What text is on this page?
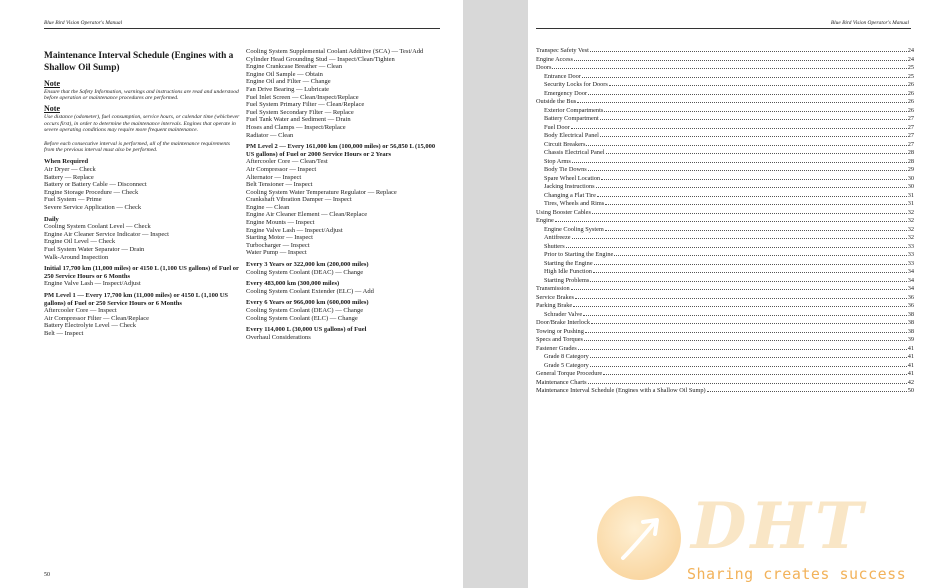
Blue Bird Vision Operator's Manual
Maintenance Interval Schedule (Engines with a Shallow Oil Sump)
Note
Ensure that the Safety Information, warnings and instructions are read and understood before operation or maintenance procedures are performed.
Note
Use distance (odometer), fuel consumption, service hours, or calendar time (whichever occurs first), in order to determine the maintenance intervals. Engines that operate in severe operating conditions may require more frequent maintenance.
Before each consecutive interval is performed, all of the maintenance requirements from the previous interval must also be performed.
When Required
Air Dryer — Check
Battery — Replace
Battery or Battery Cable — Disconnect
Engine Storage Procedure — Check
Fuel System — Prime
Severe Service Application — Check
Daily
Cooling System Coolant Level — Check
Engine Air Cleaner Service Indicator — Inspect
Engine Oil Level — Check
Fuel System Water Separator — Drain
Walk-Around Inspection
Initial 17,700 km (11,000 miles) or 4150 L (1,100 US gallons) of Fuel or 250 Service Hours or 6 Months
Engine Valve Lash — Inspect/Adjust
PM Level 1 — Every 17,700 km (11,000 miles) or 4150 L (1,100 US gallons) of Fuel or 250 Service Hours or 6 Months
Aftercooler Core — Inspect
Air Compressor Filter — Clean/Replace
Battery Electrolyte Level — Check
Belt — Inspect
Cooling System Supplemental Coolant Additive (SCA) — Test/Add
Cylinder Head Grounding Stud — Inspect/Clean/Tighten
Engine Crankcase Breather — Clean
Engine Oil Sample — Obtain
Engine Oil and Filter — Change
Fan Drive Bearing — Lubricate
Fuel Inlet Screen — Clean/Inspect/Replace
Fuel System Primary Filter — Clean/Replace
Fuel System Secondary Filter — Replace
Fuel Tank Water and Sediment — Drain
Hoses and Clamps — Inspect/Replace
Radiator — Clean
PM Level 2 — Every 161,000 km (100,000 miles) or 56,850 L (15,000 US gallons) of Fuel or 2000 Service Hours or 2 Years
Aftercooler Core — Clean/Test
Air Compressor — Inspect
Alternator — Inspect
Belt Tensioner — Inspect
Cooling System Water Temperature Regulator — Replace
Crankshaft Vibration Damper — Inspect
Engine — Clean
Engine Air Cleaner Element — Clean/Replace
Engine Mounts — Inspect
Engine Valve Lash — Inspect/Adjust
Starting Motor — Inspect
Turbocharger — Inspect
Water Pump — Inspect
Every 3 Years or 322,000 km (200,000 miles)
Cooling System Coolant (DEAC) — Change
Every 483,000 km (300,000 miles)
Cooling System Coolant Extender (ELC) — Add
Every 6 Years or 966,000 km (600,000 miles)
Cooling System Coolant (DEAC) — Change
Cooling System Coolant (ELC) — Change
Every 114,000 L (30,000 US gallons) of Fuel
Overhaul Considerations
50
Blue Bird Vision Operator's Manual
Transpec Safety Vest	24
Engine Access	24
Doors	25
Entrance Door	25
Security Locks for Doors	26
Emergency Door	26
Outside the Bus	26
Exterior Compartments	26
Battery Compartment	27
Fuel Door	27
Body Electrical Panel	27
Circuit Breakers	27
Chassis Electrical Panel	28
Stop Arms	28
Body Tie Downs	29
Spare Wheel Location	30
Jacking Instructions	30
Changing a Flat Tire	31
Tires, Wheels and Rims	31
Using Booster Cables	32
Engine	32
Engine Cooling System	32
Antifreeze	32
Shutters	33
Prior to Starting the Engine	33
Starting the Engine	33
High Idle Function	34
Starting Problems	34
Transmission	34
Service Brakes	36
Parking Brake	36
Schrader Valve	38
Door/Brake Interlock	38
Towing or Pushing	38
Specs and Torques	39
Fastener Grades	41
Grade 8 Category	41
Grade 5 Category	41
General Torque Procedure	41
Maintenance Charts	42
Maintenance Interval Schedule (Engines with a Shallow Oil Sump)	50
DHT
Sharing creates success
